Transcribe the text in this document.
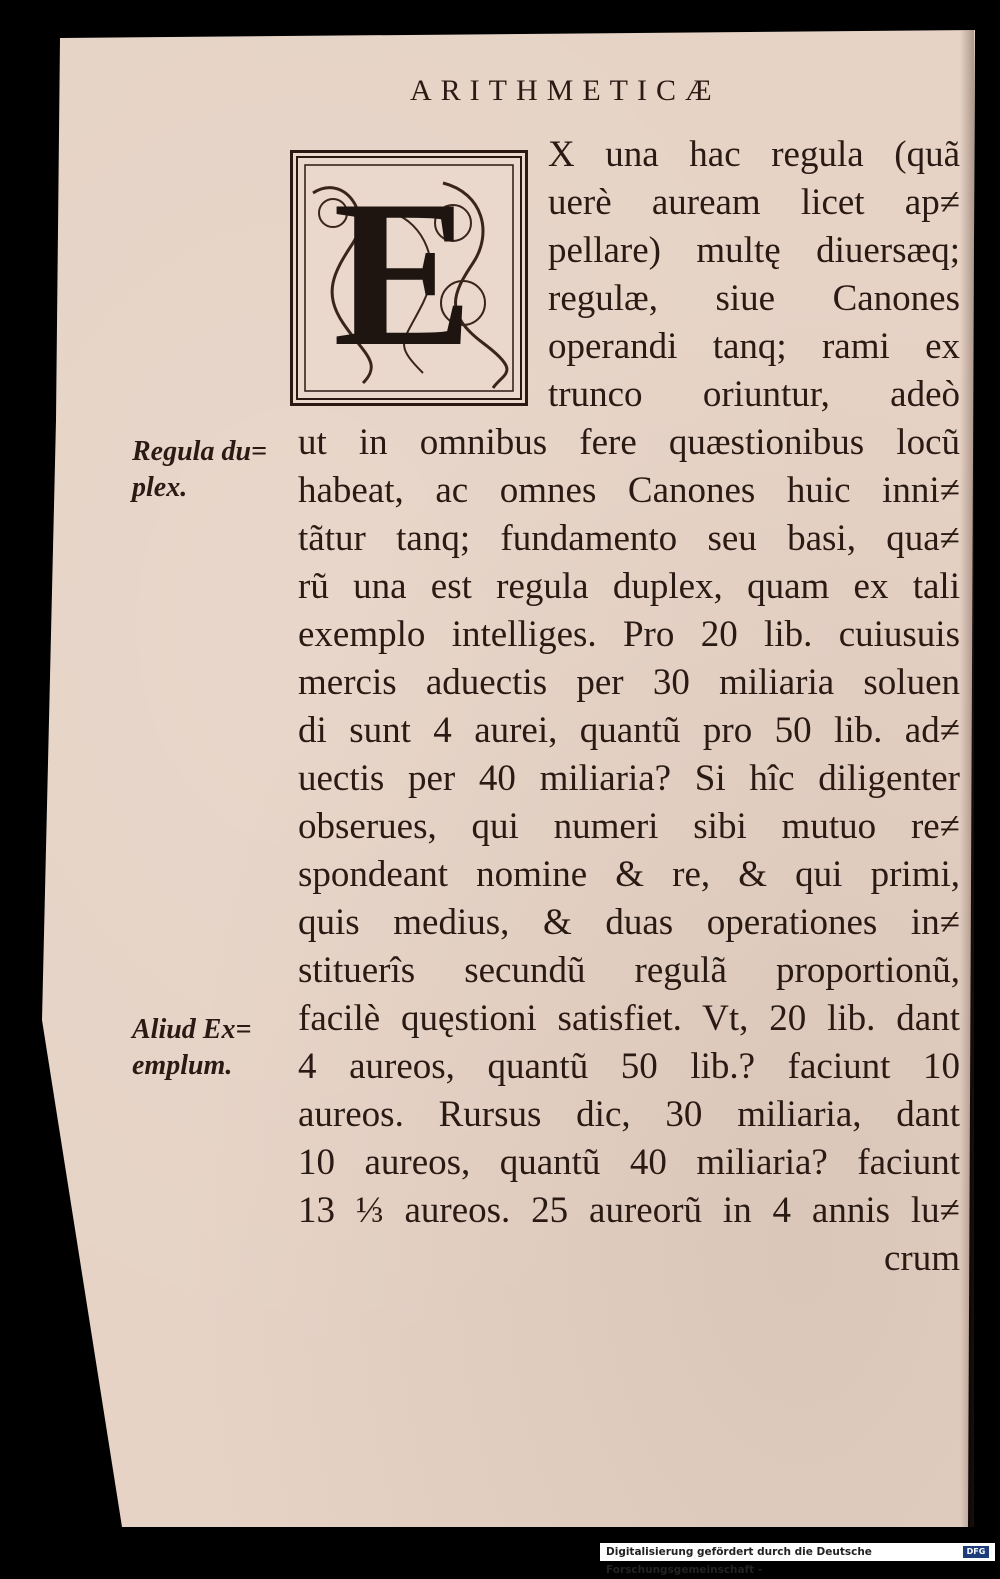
ARITHMETICÆ
E
X una hac regula (quã
uerè auream licet ap≠
pellare) multę diuersæq;
regulæ, siue Canones
operandi tanq; rami ex
trunco oriuntur, adeò
ut in omnibus fere quæstionibus locũ
habeat, ac omnes Canones huic inni≠
tãtur tanq; fundamento seu basi, qua≠
rũ una est regula duplex, quam ex tali
exemplo intelliges. Pro 20 lib. cuiusuis
mercis aduectis per 30 miliaria soluen
di sunt 4 aurei, quantũ pro 50 lib. ad≠
uectis per 40 miliaria? Si hîc diligenter
obserues, qui numeri sibi mutuo re≠
spondeant nomine & re, & qui primi,
quis medius, & duas operationes in≠
stituerîs secundũ regulã proportionũ,
facilè quęstioni satisfiet. Vt, 20 lib. dant
4 aureos, quantũ 50 lib.? faciunt 10
aureos. Rursus dic, 30 miliaria, dant
10 aureos, quantũ 40 miliaria? faciunt
13 ⅓ aureos. 25 aureorũ in 4 annis lu≠
crum
Regula du=
plex.
Aliud Ex=
emplum.
Digitalisierung gefördert durch die Deutsche Forschungsgemeinschaft -
DFG
